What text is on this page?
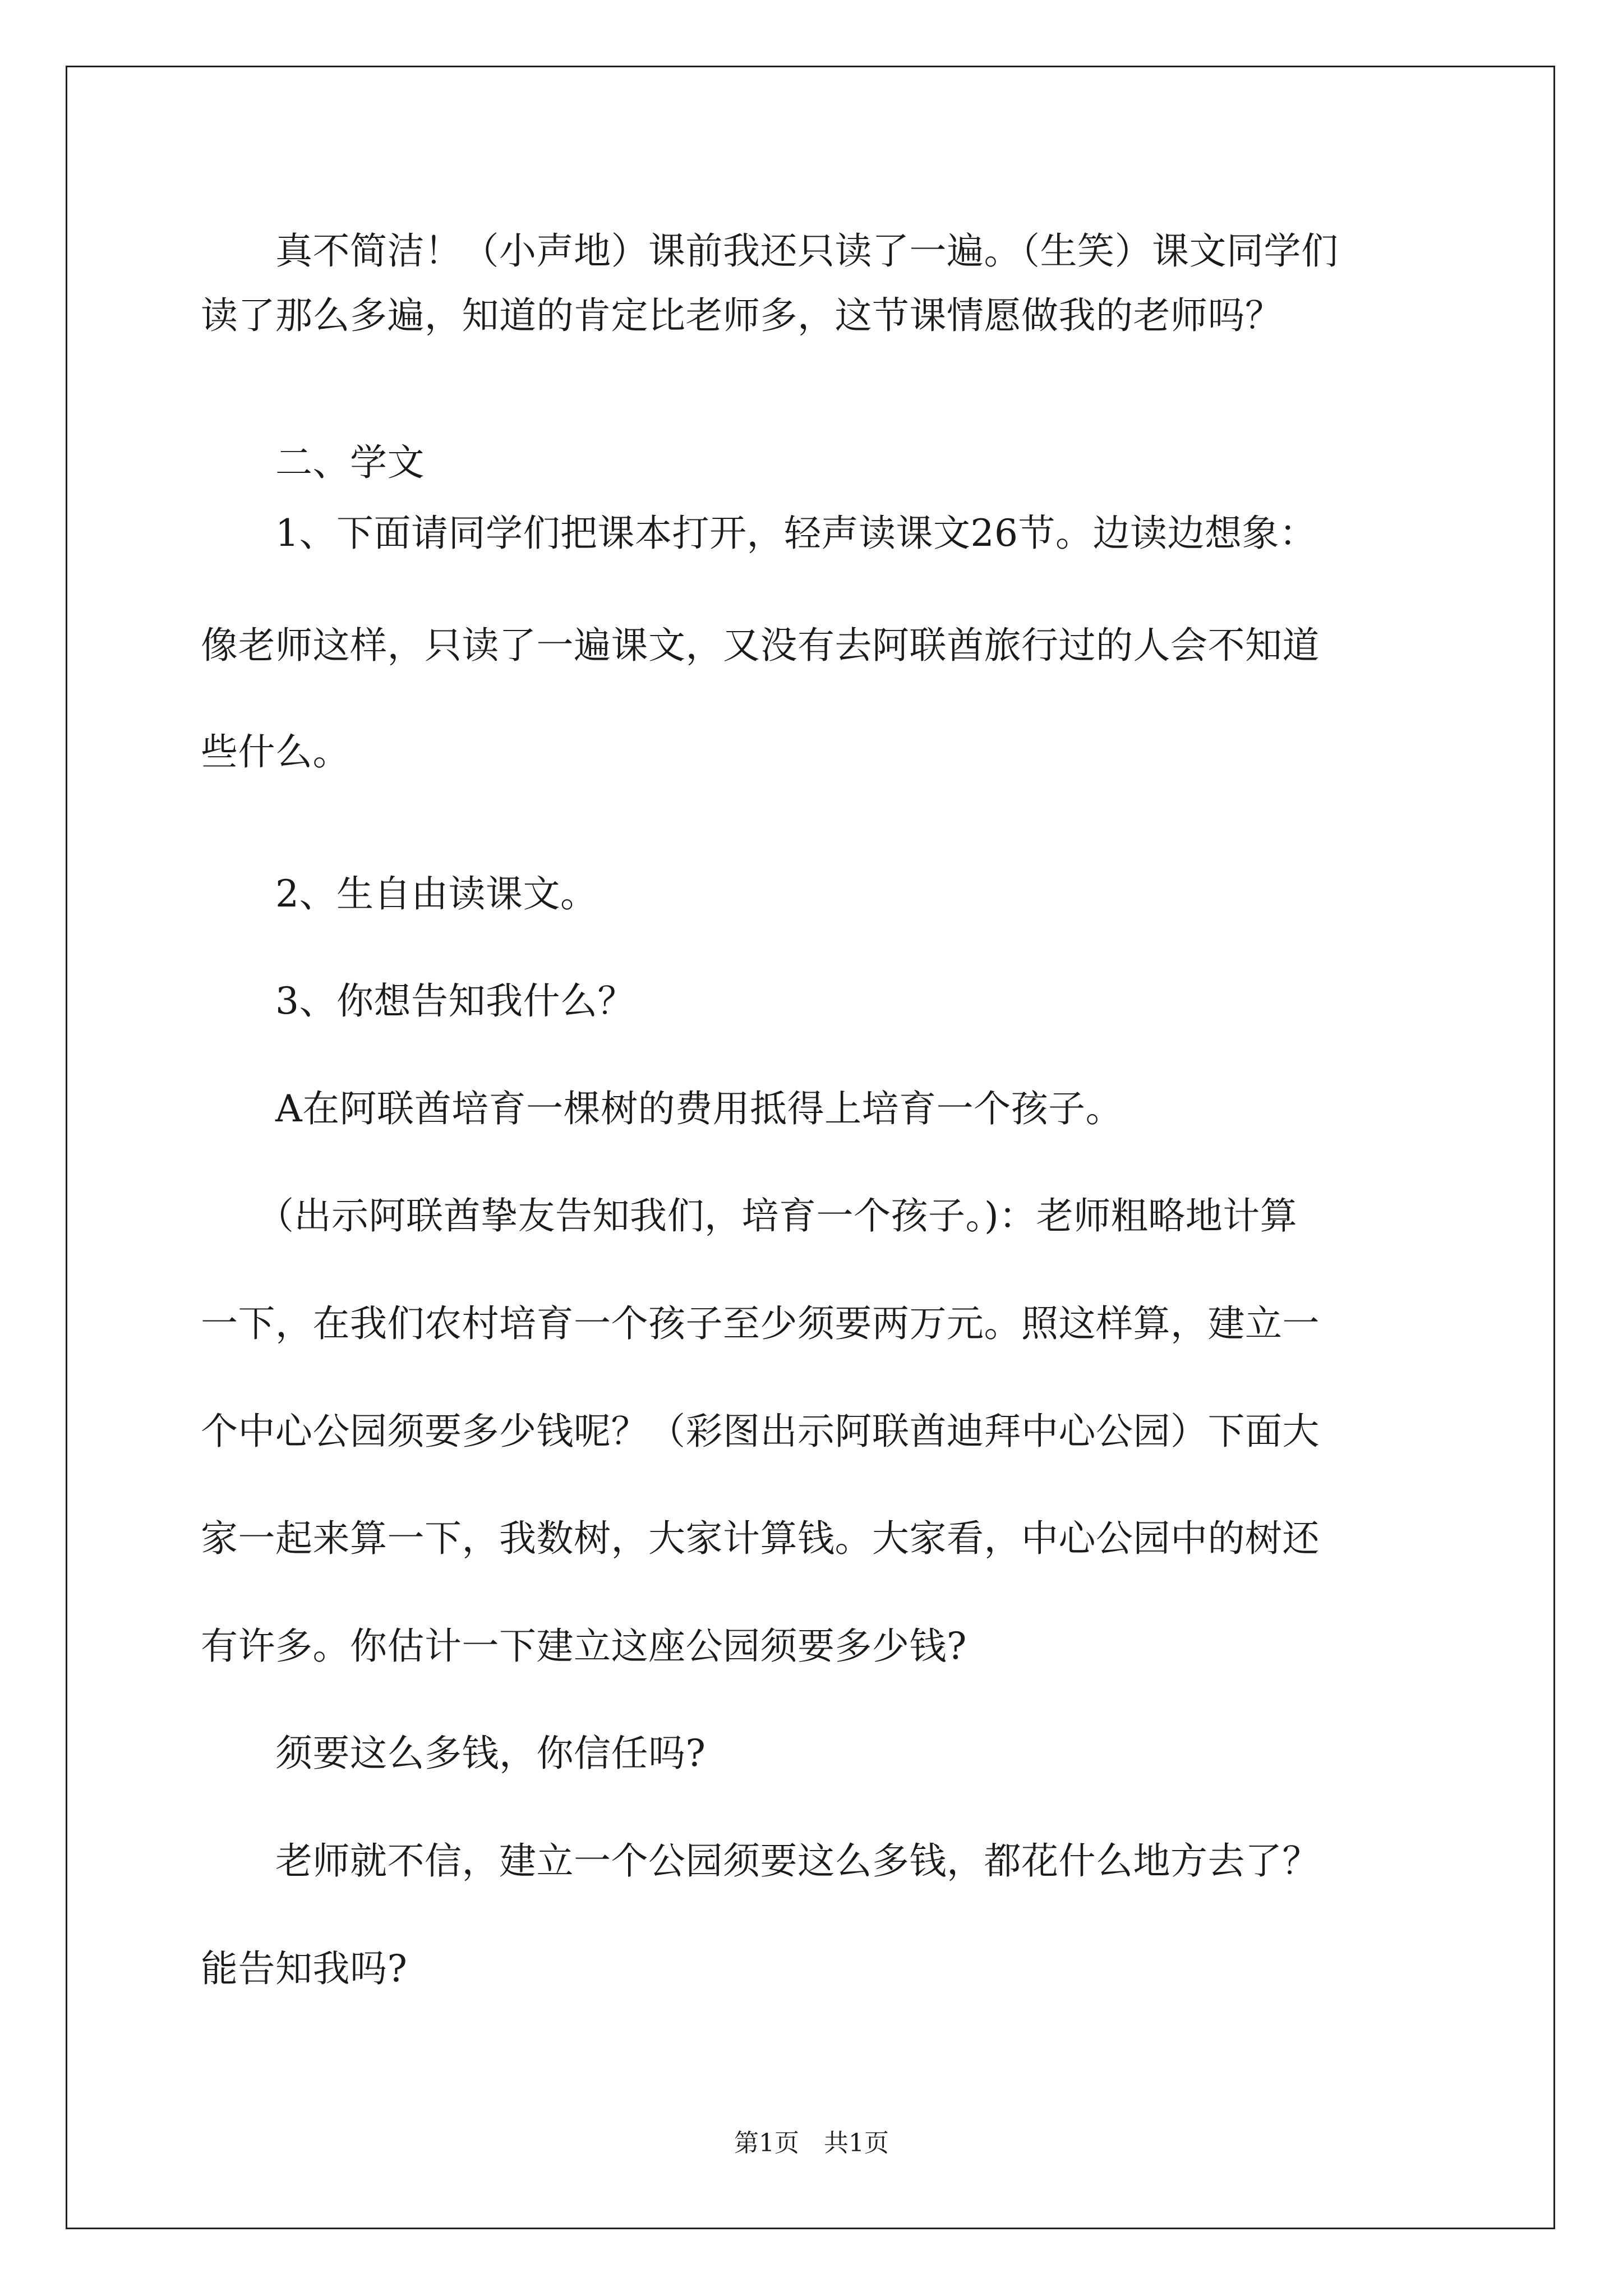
　　真不简洁！（小声地）课前我还只读了一遍。（生笑）课文同学们
读了那么多遍，知道的肯定比老师多，这节课情愿做我的老师吗？
　　二、学文
　　1、下面请同学们把课本打开，轻声读课文26节。边读边想象：
像老师这样，只读了一遍课文，又没有去阿联酋旅行过的人会不知道
些什么。
　　2、生自由读课文。
　　3、你想告知我什么？
　　A在阿联酋培育一棵树的费用抵得上培育一个孩子。
　　（出示阿联酋挚友告知我们，培育一个孩子。)：老师粗略地计算
一下，在我们农村培育一个孩子至少须要两万元。照这样算，建立一
个中心公园须要多少钱呢？（彩图出示阿联酋迪拜中心公园）下面大
家一起来算一下，我数树，大家计算钱。大家看，中心公园中的树还
有许多。你估计一下建立这座公园须要多少钱?
　　须要这么多钱，你信任吗?
　　老师就不信，建立一个公园须要这么多钱，都花什么地方去了？
能告知我吗?
第1页　共1页
